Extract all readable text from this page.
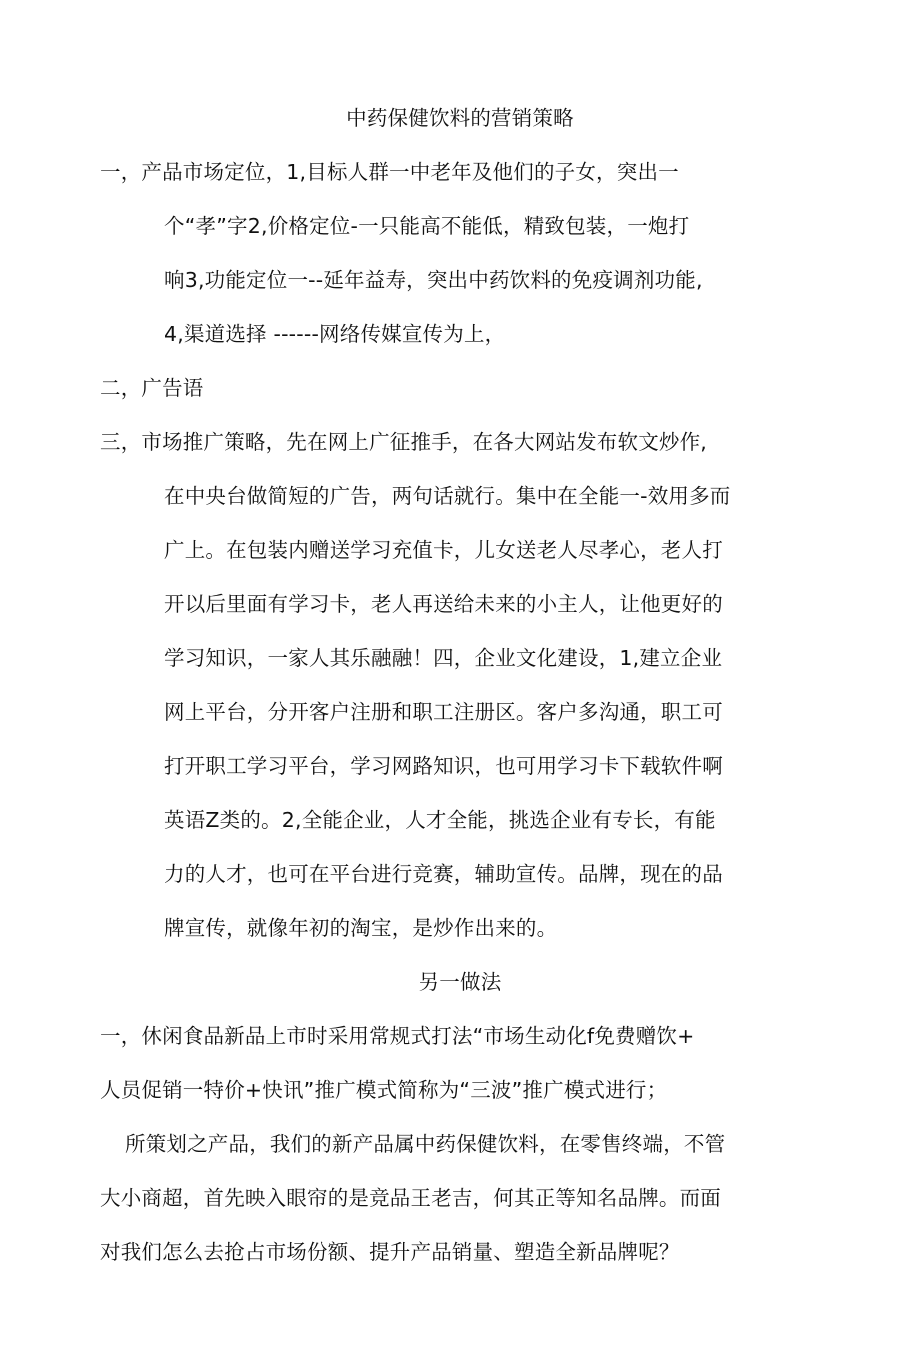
中药保健饮料的营销策略
一，产品市场定位，1,目标人群一中老年及他们的子女，突出一
个“孝”字2,价格定位-一只能高不能低，精致包装，一炮打
响3,功能定位一--延年益寿，突出中药饮料的免疫调剂功能,
4,渠道选择 ------网络传媒宣传为上，
二，广告语
三，市场推广策略，先在网上广征推手，在各大网站发布软文炒作,
在中央台做简短的广告，两句话就行。集中在全能一-效用多而
广上。在包装内赠送学习充值卡，儿女送老人尽孝心，老人打
开以后里面有学习卡，老人再送给未来的小主人，让他更好的
学习知识，一家人其乐融融！四，企业文化建设，1,建立企业
网上平台，分开客户注册和职工注册区。客户多沟通，职工可
打开职工学习平台，学习网路知识，也可用学习卡下载软件啊
英语Z类的。2,全能企业，人才全能，挑选企业有专长，有能
力的人才，也可在平台进行竞赛，辅助宣传。品牌，现在的品
牌宣传，就像年初的淘宝，是炒作出来的。
另一做法
一，休闲食品新品上市时采用常规式打法“市场生动化f免费赠饮+
人员促销一特价+快讯”推广模式简称为“三波”推广模式进行；
所策划之产品，我们的新产品属中药保健饮料，在零售终端，不管
大小商超，首先映入眼帘的是竞品王老吉，何其正等知名品牌。而面
对我们怎么去抢占市场份额、提升产品销量、塑造全新品牌呢？
